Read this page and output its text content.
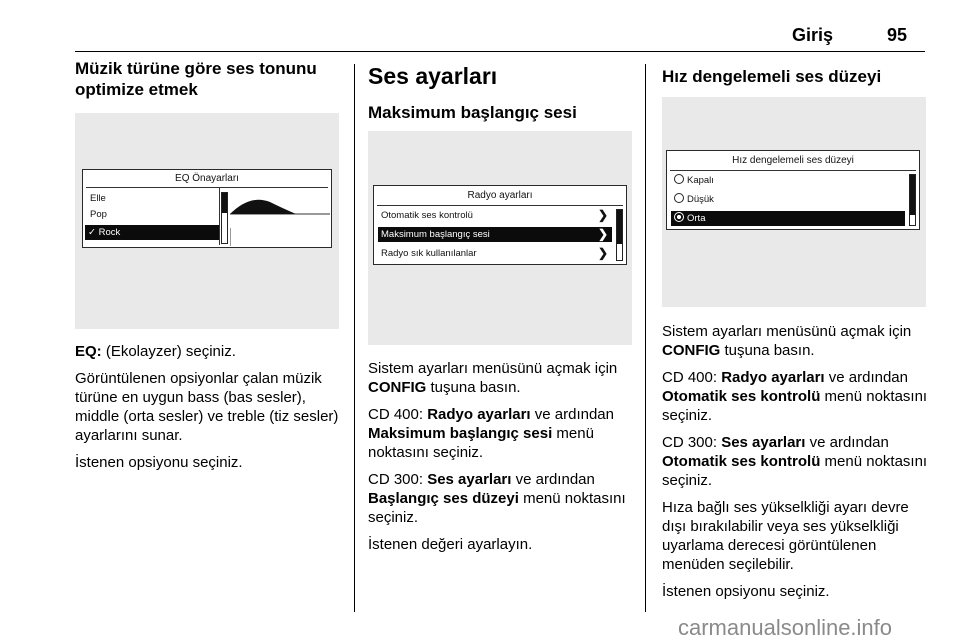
Giriş	95
Müzik türüne göre ses tonunu optimize etmek
EQ Önayarları
Elle
Pop
✓ Rock

EQ: (Ekolayzer) seçiniz.

Görüntülenen opsiyonlar çalan müzik türüne en uygun bass (bas sesler), middle (orta sesler) ve treble (tiz sesler) ayarlarını sunar.

İstenen opsiyonu seçiniz.

Ses ayarları
Maksimum başlangıç sesi
Radyo ayarları
Otomatik ses kontrolü	❯
Maksimum başlangıç sesi	❯
Radyo sık kullanılanlar	❯

Sistem ayarları menüsünü açmak için CONFIG tuşuna basın.

CD 400: Radyo ayarları ve ardından Maksimum başlangıç sesi menü noktasını seçiniz.

CD 300: Ses ayarları ve ardından Başlangıç ses düzeyi menü noktasını seçiniz.

İstenen değeri ayarlayın.

Hız dengelemeli ses düzeyi
Hız dengelemeli ses düzeyi
Kapalı
Düşük
Orta

Sistem ayarları menüsünü açmak için CONFIG tuşuna basın.

CD 400: Radyo ayarları ve ardından Otomatik ses kontrolü menü noktasını seçiniz.

CD 300: Ses ayarları ve ardından Otomatik ses kontrolü menü noktasını seçiniz.

Hıza bağlı ses yükselkliği ayarı devre dışı bırakılabilir veya ses yükselkliği uyarlama derecesi görüntülenen menüden seçilebilir.

İstenen opsiyonu seçiniz.

carmanualsonline.info
